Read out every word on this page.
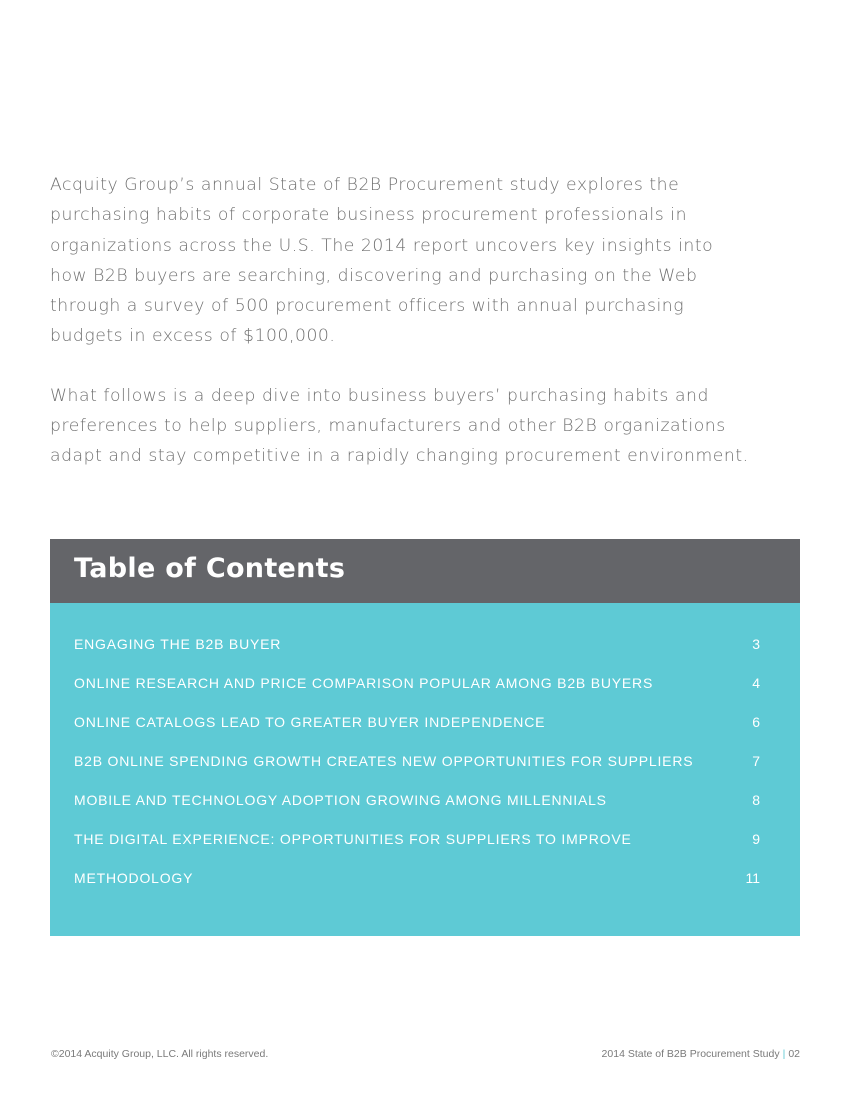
Acquity Group’s annual State of B2B Procurement study explores the purchasing habits of corporate business procurement professionals in organizations across the U.S. The 2014 report uncovers key insights into how B2B buyers are searching, discovering and purchasing on the Web through a survey of 500 procurement officers with annual purchasing budgets in excess of $100,000.

What follows is a deep dive into business buyers’ purchasing habits and preferences to help suppliers, manufacturers and other B2B organizations adapt and stay competitive in a rapidly changing procurement environment.

Table of Contents
ENGAGING THE B2B BUYER	3
ONLINE RESEARCH AND PRICE COMPARISON POPULAR AMONG B2B BUYERS	4
ONLINE CATALOGS LEAD TO GREATER BUYER INDEPENDENCE	6
B2B ONLINE SPENDING GROWTH CREATES NEW OPPORTUNITIES FOR SUPPLIERS	7
MOBILE AND TECHNOLOGY ADOPTION GROWING AMONG MILLENNIALS	8
THE DIGITAL EXPERIENCE: OPPORTUNITIES FOR SUPPLIERS TO IMPROVE	9
METHODOLOGY	11
©2014 Acquity Group, LLC. All rights reserved.	2014 State of B2B Procurement Study | 02
